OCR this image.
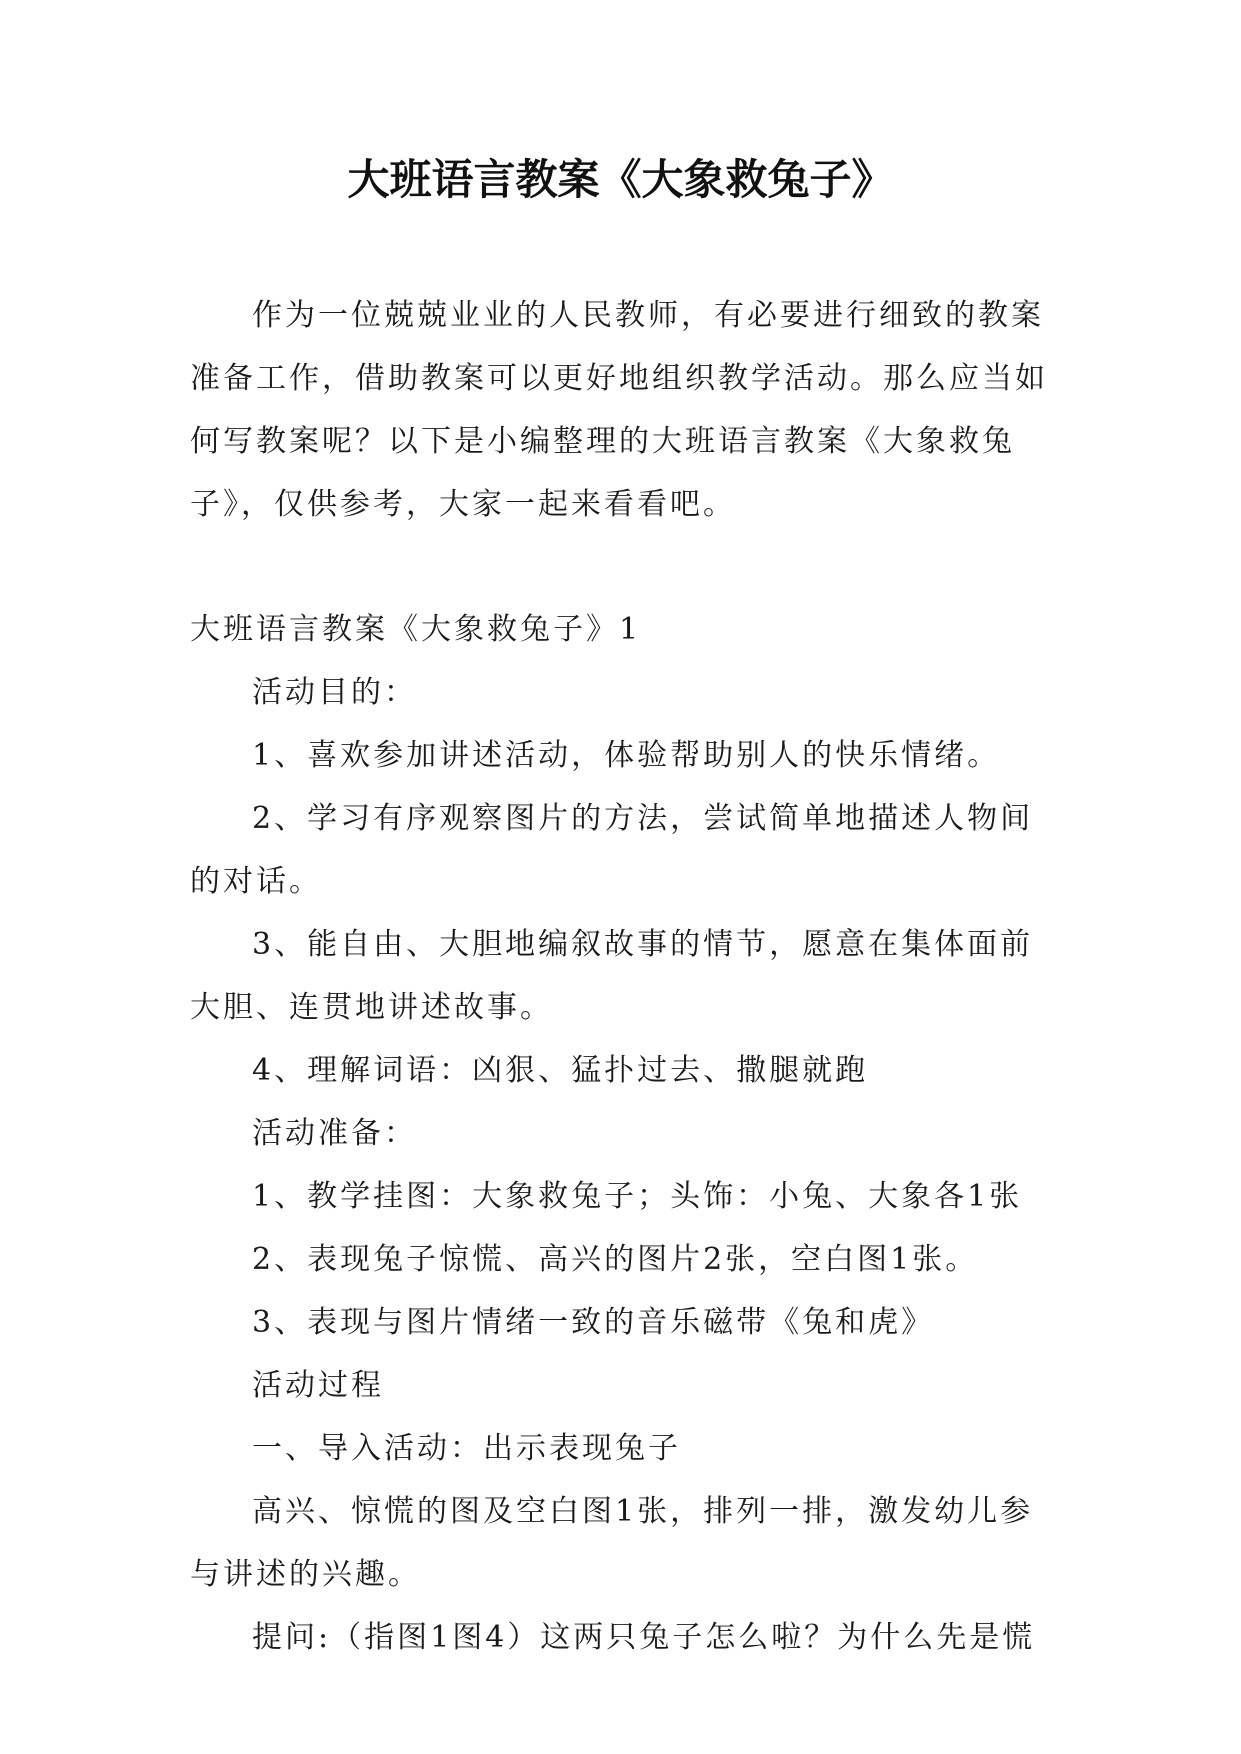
大班语言教案《大象救兔子》

作为一位兢兢业业的人民教师，有必要进行细致的教案准备工作，借助教案可以更好地组织教学活动。那么应当如何写教案呢？以下是小编整理的大班语言教案《大象救兔子》，仅供参考，大家一起来看看吧。

大班语言教案《大象救兔子》1

活动目的：

1、喜欢参加讲述活动，体验帮助别人的快乐情绪。

2、学习有序观察图片的方法，尝试简单地描述人物间的对话。

3、能自由、大胆地编叙故事的情节，愿意在集体面前大胆、连贯地讲述故事。

4、理解词语：凶狠、猛扑过去、撒腿就跑

活动准备：

1、教学挂图：大象救兔子；头饰：小兔、大象各1张

2、表现兔子惊慌、高兴的图片2张，空白图1张。

3、表现与图片情绪一致的音乐磁带《兔和虎》

活动过程

一、导入活动：出示表现兔子

高兴、惊慌的图及空白图1张，排列一排，激发幼儿参与讲述的兴趣。

提问:（指图1图4）这两只兔子怎么啦？为什么先是慌
